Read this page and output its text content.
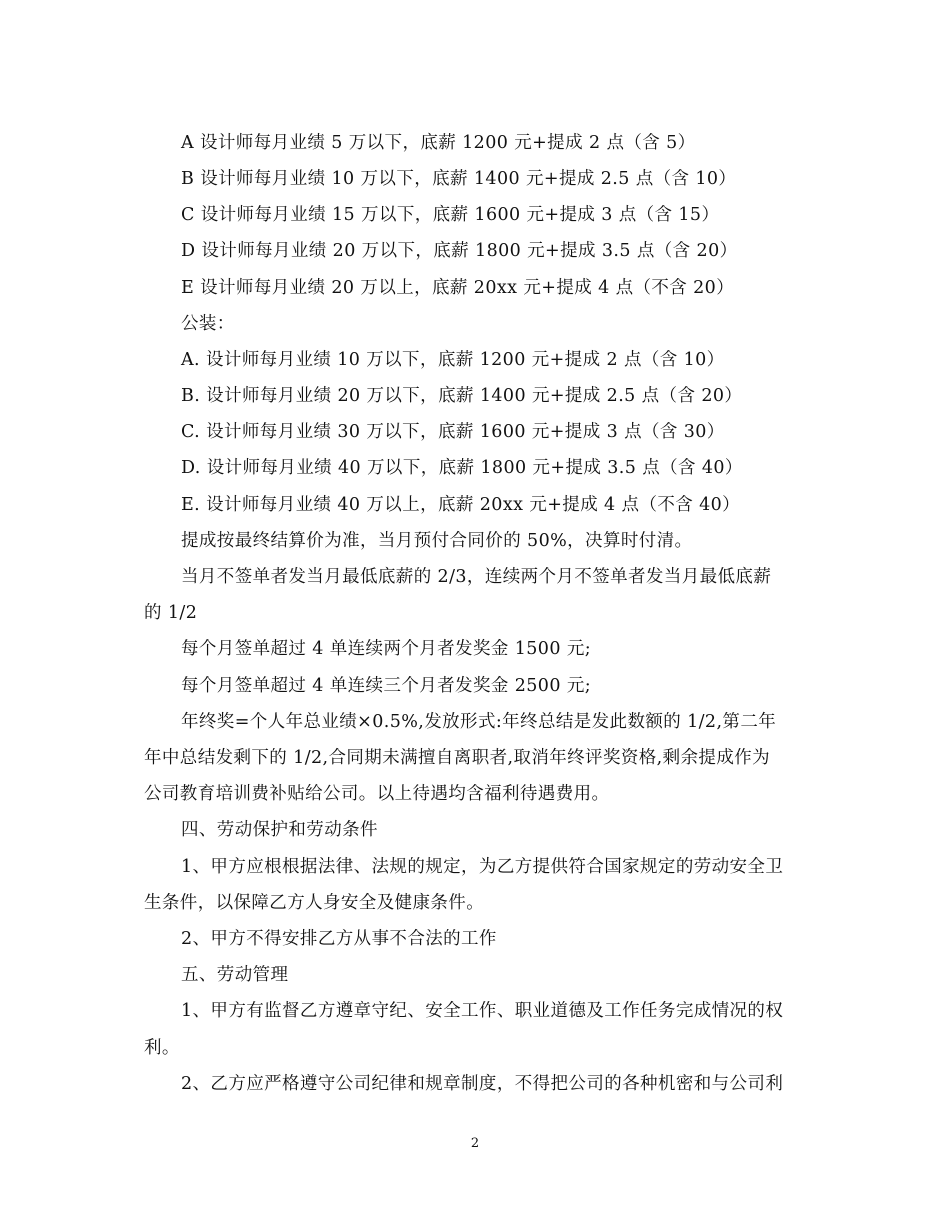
A 设计师每月业绩 5 万以下，底薪 1200 元+提成 2 点（含 5）
B 设计师每月业绩 10 万以下，底薪 1400 元+提成 2.5 点（含 10）
C 设计师每月业绩 15 万以下，底薪 1600 元+提成 3 点（含 15）
D 设计师每月业绩 20 万以下，底薪 1800 元+提成 3.5 点（含 20）
E 设计师每月业绩 20 万以上，底薪 20xx 元+提成 4 点（不含 20）
公装：
A. 设计师每月业绩 10 万以下，底薪 1200 元+提成 2 点（含 10）
B. 设计师每月业绩 20 万以下，底薪 1400 元+提成 2.5 点（含 20）
C. 设计师每月业绩 30 万以下，底薪 1600 元+提成 3 点（含 30）
D. 设计师每月业绩 40 万以下，底薪 1800 元+提成 3.5 点（含 40）
E. 设计师每月业绩 40 万以上，底薪 20xx 元+提成 4 点（不含 40）
提成按最终结算价为准，当月预付合同价的 50%，决算时付清。
当月不签单者发当月最低底薪的 2/3，连续两个月不签单者发当月最低底薪
的 1/2
每个月签单超过 4 单连续两个月者发奖金 1500 元;
每个月签单超过 4 单连续三个月者发奖金 2500 元;
年终奖=个人年总业绩×0.5%,发放形式:年终总结是发此数额的 1/2,第二年
年中总结发剩下的 1/2,合同期未满擅自离职者,取消年终评奖资格,剩余提成作为
公司教育培训费补贴给公司。以上待遇均含福利待遇费用。
四、劳动保护和劳动条件
1、甲方应根根据法律、法规的规定，为乙方提供符合国家规定的劳动安全卫
生条件，以保障乙方人身安全及健康条件。
2、甲方不得安排乙方从事不合法的工作
五、劳动管理
1、甲方有监督乙方遵章守纪、安全工作、职业道德及工作任务完成情况的权
利。
2、乙方应严格遵守公司纪律和规章制度，不得把公司的各种机密和与公司利
2
